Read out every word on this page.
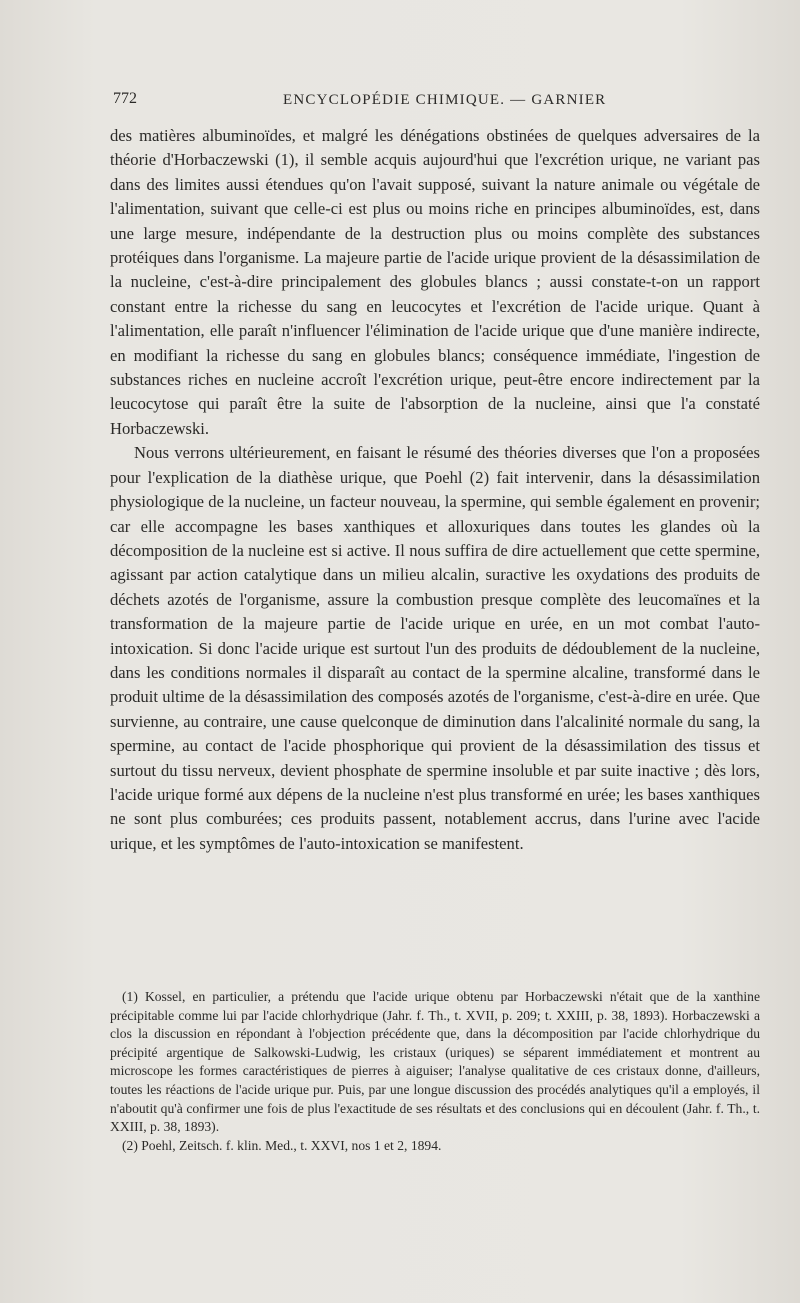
772	ENCYCLOPÉDIE CHIMIQUE. — GARNIER

des matières albuminoïdes, et malgré les dénégations obstinées de quelques adversaires de la théorie d'Horbaczewski (1), il semble acquis aujourd'hui que l'excrétion urique, ne variant pas dans des limites aussi étendues qu'on l'avait supposé, suivant la nature animale ou végétale de l'alimentation, suivant que celle-ci est plus ou moins riche en principes albuminoïdes, est, dans une large mesure, indépendante de la destruction plus ou moins complète des substances protéiques dans l'organisme. La majeure partie de l'acide urique provient de la désassimilation de la nucleine, c'est-à-dire principalement des globules blancs ; aussi constate-t-on un rapport constant entre la richesse du sang en leucocytes et l'excrétion de l'acide urique. Quant à l'alimentation, elle paraît n'influencer l'élimination de l'acide urique que d'une manière indirecte, en modifiant la richesse du sang en globules blancs; conséquence immédiate, l'ingestion de substances riches en nucleine accroît l'excrétion urique, peut-être encore indirectement par la leucocytose qui paraît être la suite de l'absorption de la nucleine, ainsi que l'a constaté Horbaczewski.

Nous verrons ultérieurement, en faisant le résumé des théories diverses que l'on a proposées pour l'explication de la diathèse urique, que Poehl (2) fait intervenir, dans la désassimilation physiologique de la nucleine, un facteur nouveau, la spermine, qui semble également en provenir; car elle accompagne les bases xanthiques et alloxuriques dans toutes les glandes où la décomposition de la nucleine est si active. Il nous suffira de dire actuellement que cette spermine, agissant par action catalytique dans un milieu alcalin, suractive les oxydations des produits de déchets azotés de l'organisme, assure la combustion presque complète des leucomaïnes et la transformation de la majeure partie de l'acide urique en urée, en un mot combat l'auto-intoxication. Si donc l'acide urique est surtout l'un des produits de dédoublement de la nucleine, dans les conditions normales il disparaît au contact de la spermine alcaline, transformé dans le produit ultime de la désassimilation des composés azotés de l'organisme, c'est-à-dire en urée. Que survienne, au contraire, une cause quelconque de diminution dans l'alcalinité normale du sang, la spermine, au contact de l'acide phosphorique qui provient de la désassimilation des tissus et surtout du tissu nerveux, devient phosphate de spermine insoluble et par suite inactive ; dès lors, l'acide urique formé aux dépens de la nucleine n'est plus transformé en urée; les bases xanthiques ne sont plus comburées; ces produits passent, notablement accrus, dans l'urine avec l'acide urique, et les symptômes de l'auto-intoxication se manifestent.

(1) Kossel, en particulier, a prétendu que l'acide urique obtenu par Horbaczewski n'était que de la xanthine précipitable comme lui par l'acide chlorhydrique (Jahr. f. Th., t. XVII, p. 209; t. XXIII, p. 38, 1893). Horbaczewski a clos la discussion en répondant à l'objection précédente que, dans la décomposition par l'acide chlorhydrique du précipité argentique de Salkowski-Ludwig, les cristaux (uriques) se séparent immédiatement et montrent au microscope les formes caractéristiques de pierres à aiguiser; l'analyse qualitative de ces cristaux donne, d'ailleurs, toutes les réactions de l'acide urique pur. Puis, par une longue discussion des procédés analytiques qu'il a employés, il n'aboutit qu'à confirmer une fois de plus l'exactitude de ses résultats et des conclusions qui en découlent (Jahr. f. Th., t. XXIII, p. 38, 1893).

(2) Poehl, Zeitsch. f. klin. Med., t. XXVI, nos 1 et 2, 1894.
